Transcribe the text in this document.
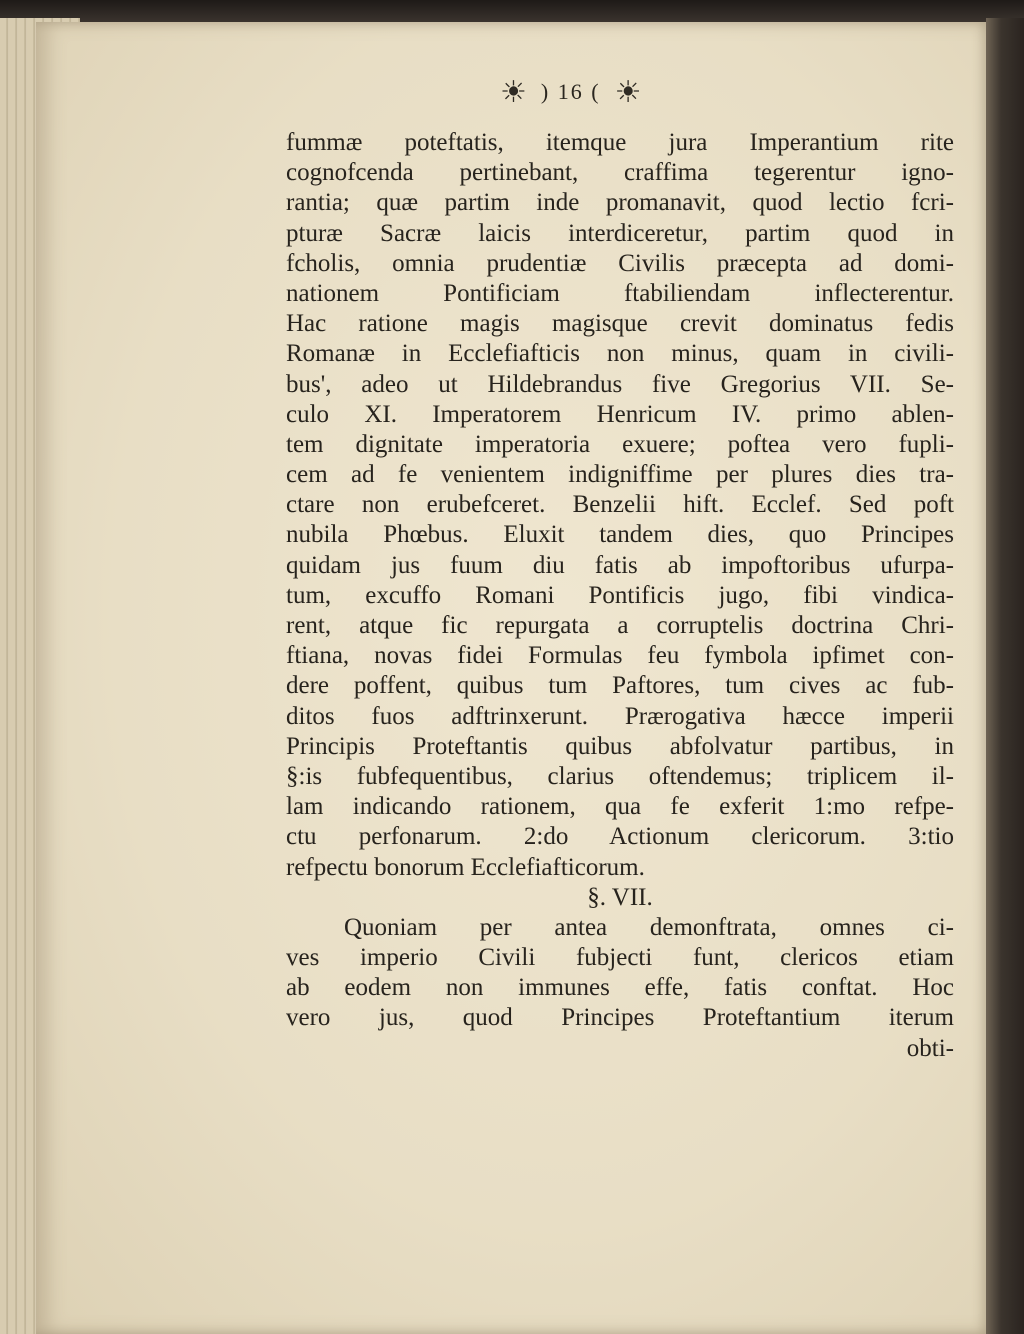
☀ ) 16 ( ☀
fummæ poteftatis, itemque jura Imperantium rite
cognofcenda pertinebant, craffima tegerentur igno-
rantia; quæ partim inde promanavit, quod lectio fcri-
pturæ Sacræ laicis interdiceretur, partim quod in
fcholis, omnia prudentiæ Civilis præcepta ad domi-
nationem Pontificiam ftabiliendam inflecterentur.
Hac ratione magis magisque crevit dominatus fedis
Romanæ in Ecclefiafticis non minus, quam in civili-
bus', adeo ut Hildebrandus five Gregorius VII. Se-
culo XI. Imperatorem Henricum IV. primo ablen-
tem dignitate imperatoria exuere; poftea vero fupli-
cem ad fe venientem indigniffime per plures dies tra-
ctare non erubefceret. Benzelii hift. Ecclef. Sed poft
nubila Phœbus. Eluxit tandem dies, quo Principes
quidam jus fuum diu fatis ab impoftoribus ufurpa-
tum, excuffo Romani Pontificis jugo, fibi vindica-
rent, atque fic repurgata a corruptelis doctrina Chri-
ftiana, novas fidei Formulas feu fymbola ipfimet con-
dere poffent, quibus tum Paftores, tum cives ac fub-
ditos fuos adftrinxerunt. Prærogativa hæcce imperii
Principis Proteftantis quibus abfolvatur partibus, in
§:is fubfequentibus, clarius oftendemus; triplicem il-
lam indicando rationem, qua fe exferit 1:mo refpe-
ctu perfonarum. 2:do Actionum clericorum. 3:tio
refpectu bonorum Ecclefiafticorum.
§. VII.
Quoniam per antea demonftrata, omnes ci-
ves imperio Civili fubjecti funt, clericos etiam
ab eodem non immunes effe, fatis conftat. Hoc
vero jus, quod Principes Proteftantium iterum
obti-
